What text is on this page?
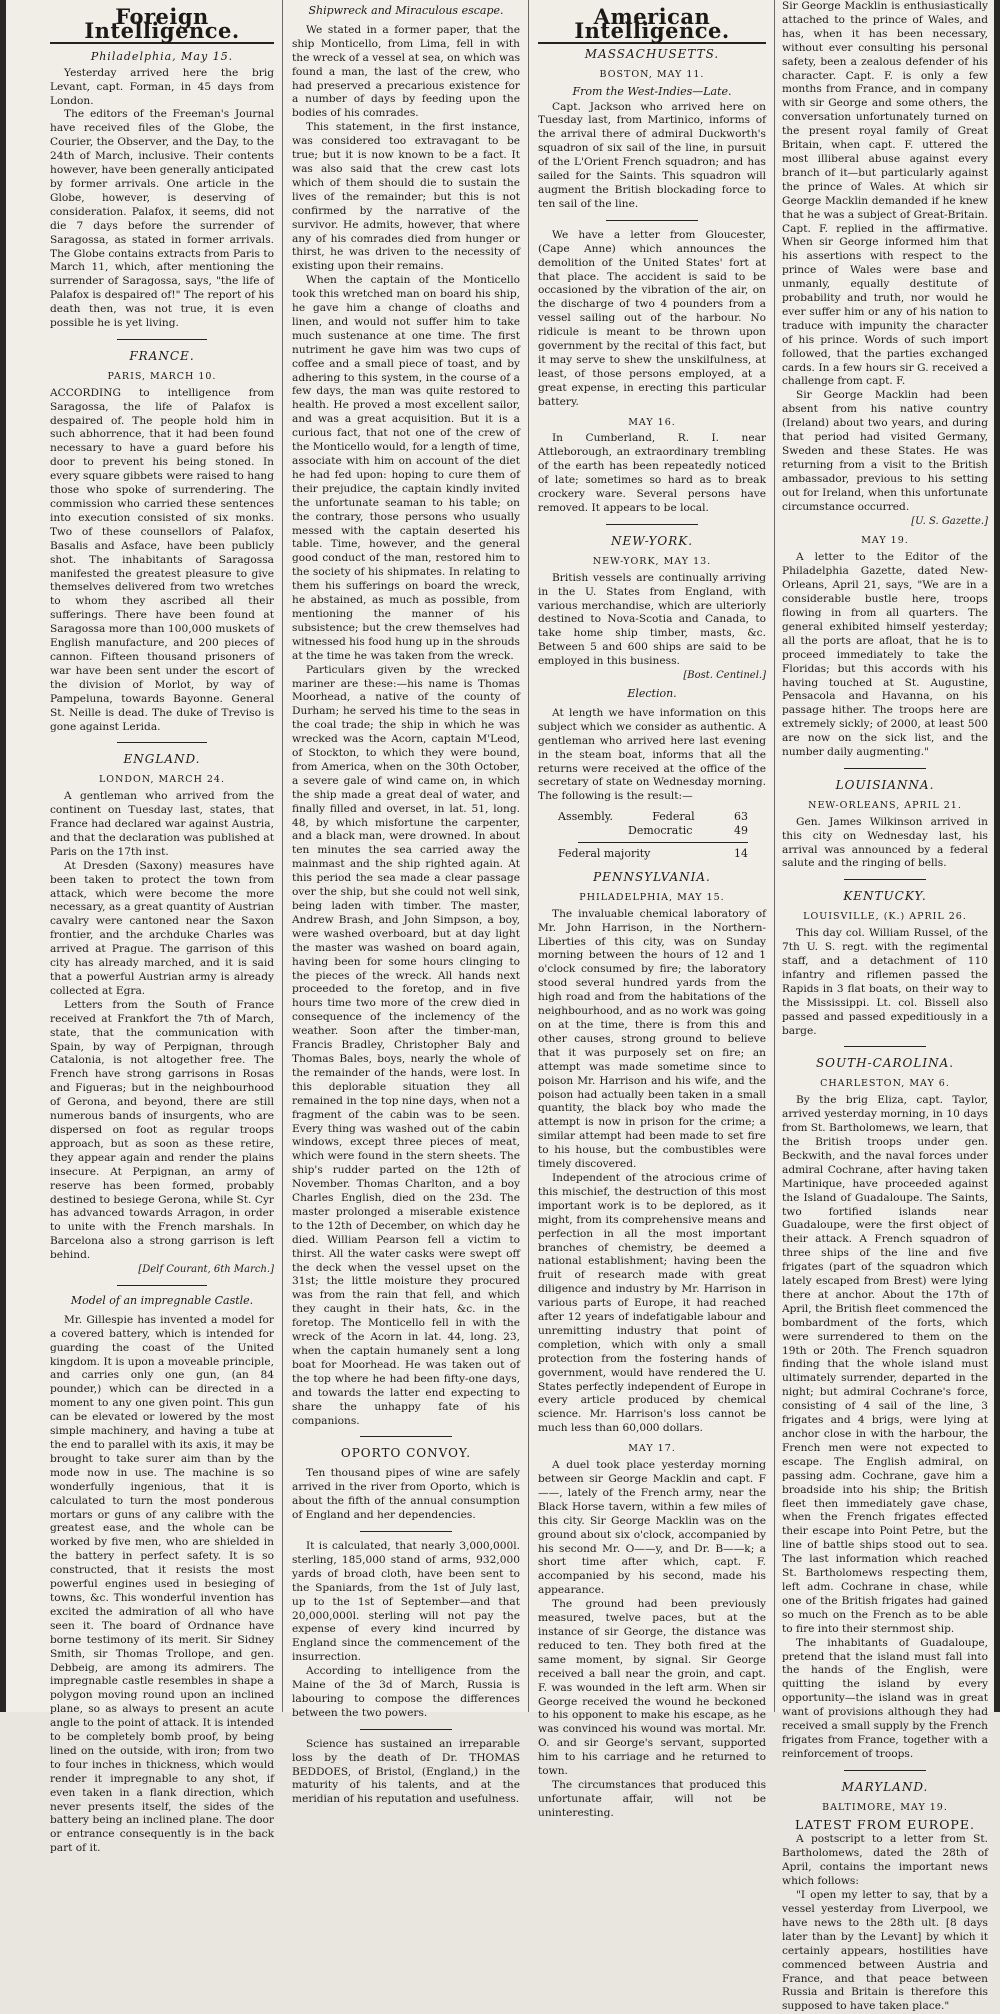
Foreign Intelligence.
Philadelphia, May 15.

Yesterday arrived here the brig Levant, capt. Forman, in 45 days from London.

The editors of the Freeman's Journal have received files of the Globe, the Courier, the Observer, and the Day, to the 24th of March, inclusive. Their contents however, have been generally anticipated by former arrivals. One article in the Globe, however, is deserving of consideration. Palafox, it seems, did not die 7 days before the surrender of Saragossa, as stated in former arrivals. The Globe contains extracts from Paris to March 11, which, after mentioning the surrender of Saragossa, says, "the life of Palafox is despaired of!" The report of his death then, was not true, it is even possible he is yet living.

FRANCE.
PARIS, MARCH 10.

ACCORDING to intelligence from Saragossa, the life of Palafox is despaired of. The people hold him in such abhorrence, that it had been found necessary to have a guard before his door to prevent his being stoned. In every square gibbets were raised to hang those who spoke of surrendering. The commission who carried these sentences into execution consisted of six monks. Two of these counsellors of Palafox, Basalis and Asface, have been publicly shot. The inhabitants of Saragossa manifested the greatest pleasure to give themselves delivered from two wretches to whom they ascribed all their sufferings. There have been found at Saragossa more than 100,000 muskets of English manufacture, and 200 pieces of cannon. Fifteen thousand prisoners of war have been sent under the escort of the division of Morlot, by way of Pampeluna, towards Bayonne. General St. Neille is dead. The duke of Treviso is gone against Lerida.

ENGLAND.
LONDON, MARCH 24.

A gentleman who arrived from the continent on Tuesday last, states, that France had declared war against Austria, and that the declaration was published at Paris on the 17th inst.

At Dresden (Saxony) measures have been taken to protect the town from attack, which were become the more necessary, as a great quantity of Austrian cavalry were cantoned near the Saxon frontier, and the archduke Charles was arrived at Prague. The garrison of this city has already marched, and it is said that a powerful Austrian army is already collected at Egra.

Letters from the South of France received at Frankfort the 7th of March, state, that the communication with Spain, by way of Perpignan, through Catalonia, is not altogether free. The French have strong garrisons in Rosas and Figueras; but in the neighbourhood of Gerona, and beyond, there are still numerous bands of insurgents, who are dispersed on foot as regular troops approach, but as soon as these retire, they appear again and render the plains insecure. At Perpignan, an army of reserve has been formed, probably destined to besiege Gerona, while St. Cyr has advanced towards Arragon, in order to unite with the French marshals. In Barcelona also a strong garrison is left behind.

[Delf Courant, 6th March.]
Model of an impregnable Castle.

Mr. Gillespie has invented a model for a covered battery, which is intended for guarding the coast of the United kingdom. It is upon a moveable principle, and carries only one gun, (an 84 pounder,) which can be directed in a moment to any one given point. This gun can be elevated or lowered by the most simple machinery, and having a tube at the end to parallel with its axis, it may be brought to take surer aim than by the mode now in use. The machine is so wonderfully ingenious, that it is calculated to turn the most ponderous mortars or guns of any calibre with the greatest ease, and the whole can be worked by five men, who are shielded in the battery in perfect safety. It is so constructed, that it resists the most powerful engines used in besieging of towns, &c. This wonderful invention has excited the admiration of all who have seen it. The board of Ordnance have borne testimony of its merit. Sir Sidney Smith, sir Thomas Trollope, and gen. Debbeig, are among its admirers. The impregnable castle resembles in shape a polygon moving round upon an inclined plane, so as always to present an acute angle to the point of attack. It is intended to be completely bomb proof, by being lined on the outside, with iron; from two to four inches in thickness, which would render it impregnable to any shot, if even taken in a flank direction, which never presents itself, the sides of the battery being an inclined plane. The door or entrance consequently is in the back part of it.

Shipwreck and Miraculous escape.

We stated in a former paper, that the ship Monticello, from Lima, fell in with the wreck of a vessel at sea, on which was found a man, the last of the crew, who had preserved a precarious existence for a number of days by feeding upon the bodies of his comrades.

This statement, in the first instance, was considered too extravagant to be true; but it is now known to be a fact. It was also said that the crew cast lots which of them should die to sustain the lives of the remainder; but this is not confirmed by the narrative of the survivor. He admits, however, that where any of his comrades died from hunger or thirst, he was driven to the necessity of existing upon their remains.

When the captain of the Monticello took this wretched man on board his ship, he gave him a change of cloaths and linen, and would not suffer him to take much sustenance at one time. The first nutriment he gave him was two cups of coffee and a small piece of toast, and by adhering to this system, in the course of a few days, the man was quite restored to health. He proved a most excellent sailor, and was a great acquisition. But it is a curious fact, that not one of the crew of the Monticello would, for a length of time, associate with him on account of the diet he had fed upon: hoping to cure them of their prejudice, the captain kindly invited the unfortunate seaman to his table; on the contrary, those persons who usually messed with the captain deserted his table. Time, however, and the general good conduct of the man, restored him to the society of his shipmates. In relating to them his sufferings on board the wreck, he abstained, as much as possible, from mentioning the manner of his subsistence; but the crew themselves had witnessed his food hung up in the shrouds at the time he was taken from the wreck.

Particulars given by the wrecked mariner are these:—his name is Thomas Moorhead, a native of the county of Durham; he served his time to the seas in the coal trade; the ship in which he was wrecked was the Acorn, captain M'Leod, of Stockton, to which they were bound, from America, when on the 30th October, a severe gale of wind came on, in which the ship made a great deal of water, and finally filled and overset, in lat. 51, long. 48, by which misfortune the carpenter, and a black man, were drowned. In about ten minutes the sea carried away the mainmast and the ship righted again. At this period the sea made a clear passage over the ship, but she could not well sink, being laden with timber. The master, Andrew Brash, and John Simpson, a boy, were washed overboard, but at day light the master was washed on board again, having been for some hours clinging to the pieces of the wreck. All hands next proceeded to the foretop, and in five hours time two more of the crew died in consequence of the inclemency of the weather. Soon after the timber-man, Francis Bradley, Christopher Baly and Thomas Bales, boys, nearly the whole of the remainder of the hands, were lost. In this deplorable situation they all remained in the top nine days, when not a fragment of the cabin was to be seen. Every thing was washed out of the cabin windows, except three pieces of meat, which were found in the stern sheets. The ship's rudder parted on the 12th of November. Thomas Charlton, and a boy Charles English, died on the 23d. The master prolonged a miserable existence to the 12th of December, on which day he died. William Pearson fell a victim to thirst. All the water casks were swept off the deck when the vessel upset on the 31st; the little moisture they procured was from the rain that fell, and which they caught in their hats, &c. in the foretop. The Monticello fell in with the wreck of the Acorn in lat. 44, long. 23, when the captain humanely sent a long boat for Moorhead. He was taken out of the top where he had been fifty-one days, and towards the latter end expecting to share the unhappy fate of his companions.

OPORTO CONVOY.

Ten thousand pipes of wine are safely arrived in the river from Oporto, which is about the fifth of the annual consumption of England and her dependencies.

It is calculated, that nearly 3,000,000l. sterling, 185,000 stand of arms, 932,000 yards of broad cloth, have been sent to the Spaniards, from the 1st of July last, up to the 1st of September—and that 20,000,000l. sterling will not pay the expense of every kind incurred by England since the commencement of the insurrection.

According to intelligence from the Maine of the 3d of March, Russia is labouring to compose the differences between the two powers.

Science has sustained an irreparable loss by the death of Dr. THOMAS BEDDOES, of Bristol, (England,) in the maturity of his talents, and at the meridian of his reputation and usefulness.

American Intelligence.
MASSACHUSETTS.
BOSTON, MAY 11.
From the West-Indies—Late.

Capt. Jackson who arrived here on Tuesday last, from Martinico, informs of the arrival there of admiral Duckworth's squadron of six sail of the line, in pursuit of the L'Orient French squadron; and has sailed for the Saints. This squadron will augment the British blockading force to ten sail of the line.

We have a letter from Gloucester, (Cape Anne) which announces the demolition of the United States' fort at that place. The accident is said to be occasioned by the vibration of the air, on the discharge of two 4 pounders from a vessel sailing out of the harbour. No ridicule is meant to be thrown upon government by the recital of this fact, but it may serve to shew the unskilfulness, at least, of those persons employed, at a great expense, in erecting this particular battery.

MAY 16.

In Cumberland, R. I. near Attleborough, an extraordinary trembling of the earth has been repeatedly noticed of late; sometimes so hard as to break crockery ware. Several persons have removed. It appears to be local.

NEW-YORK.
NEW-YORK, MAY 13.

British vessels are continually arriving in the U. States from England, with various merchandise, which are ulteriorly destined to Nova-Scotia and Canada, to take home ship timber, masts, &c. Between 5 and 600 ships are said to be employed in this business.

[Bost. Centinel.]
Election.

At length we have information on this subject which we consider as authentic. A gentleman who arrived here last evening in the steam boat, informs that all the returns were received at the office of the secretary of state on Wednesday morning. The following is the result:—

Assembly.	Federal	63
Democratic	49
Federal majority	14
PENNSYLVANIA.
PHILADELPHIA, MAY 15.

The invaluable chemical laboratory of Mr. John Harrison, in the Northern-Liberties of this city, was on Sunday morning between the hours of 12 and 1 o'clock consumed by fire; the laboratory stood several hundred yards from the high road and from the habitations of the neighbourhood, and as no work was going on at the time, there is from this and other causes, strong ground to believe that it was purposely set on fire; an attempt was made sometime since to poison Mr. Harrison and his wife, and the poison had actually been taken in a small quantity, the black boy who made the attempt is now in prison for the crime; a similar attempt had been made to set fire to his house, but the combustibles were timely discovered.

Independent of the atrocious crime of this mischief, the destruction of this most important work is to be deplored, as it might, from its comprehensive means and perfection in all the most important branches of chemistry, be deemed a national establishment; having been the fruit of research made with great diligence and industry by Mr. Harrison in various parts of Europe, it had reached after 12 years of indefatigable labour and unremitting industry that point of completion, which with only a small protection from the fostering hands of government, would have rendered the U. States perfectly independent of Europe in every article produced by chemical science. Mr. Harrison's loss cannot be much less than 60,000 dollars.

MAY 17.

A duel took place yesterday morning between sir George Macklin and capt. F——, lately of the French army, near the Black Horse tavern, within a few miles of this city. Sir George Macklin was on the ground about six o'clock, accompanied by his second Mr. O——y, and Dr. B——k; a short time after which, capt. F. accompanied by his second, made his appearance.

The ground had been previously measured, twelve paces, but at the instance of sir George, the distance was reduced to ten. They both fired at the same moment, by signal. Sir George received a ball near the groin, and capt. F. was wounded in the left arm. When sir George received the wound he beckoned to his opponent to make his escape, as he was convinced his wound was mortal. Mr. O. and sir George's servant, supported him to his carriage and he returned to town.

The circumstances that produced this unfortunate affair, will not be uninteresting.

Sir George Macklin is enthusiastically attached to the prince of Wales, and has, when it has been necessary, without ever consulting his personal safety, been a zealous defender of his character. Capt. F. is only a few months from France, and in company with sir George and some others, the conversation unfortunately turned on the present royal family of Great Britain, when capt. F. uttered the most illiberal abuse against every branch of it—but particularly against the prince of Wales. At which sir George Macklin demanded if he knew that he was a subject of Great-Britain. Capt. F. replied in the affirmative. When sir George informed him that his assertions with respect to the prince of Wales were base and unmanly, equally destitute of probability and truth, nor would he ever suffer him or any of his nation to traduce with impunity the character of his prince. Words of such import followed, that the parties exchanged cards. In a few hours sir G. received a challenge from capt. F.

Sir George Macklin had been absent from his native country (Ireland) about two years, and during that period had visited Germany, Sweden and these States. He was returning from a visit to the British ambassador, previous to his setting out for Ireland, when this unfortunate circumstance occurred.

[U. S. Gazette.]
MAY 19.

A letter to the Editor of the Philadelphia Gazette, dated New-Orleans, April 21, says, "We are in a considerable bustle here, troops flowing in from all quarters. The general exhibited himself yesterday; all the ports are afloat, that he is to proceed immediately to take the Floridas; but this accords with his having touched at St. Augustine, Pensacola and Havanna, on his passage hither. The troops here are extremely sickly; of 2000, at least 500 are now on the sick list, and the number daily augmenting."

LOUISIANNA.
NEW-ORLEANS, APRIL 21.

Gen. James Wilkinson arrived in this city on Wednesday last, his arrival was announced by a federal salute and the ringing of bells.

KENTUCKY.
LOUISVILLE, (K.) APRIL 26.

This day col. William Russel, of the 7th U. S. regt. with the regimental staff, and a detachment of 110 infantry and riflemen passed the Rapids in 3 flat boats, on their way to the Mississippi. Lt. col. Bissell also passed and passed expeditiously in a barge.

SOUTH-CAROLINA.
CHARLESTON, MAY 6.

By the brig Eliza, capt. Taylor, arrived yesterday morning, in 10 days from St. Bartholomews, we learn, that the British troops under gen. Beckwith, and the naval forces under admiral Cochrane, after having taken Martinique, have proceeded against the Island of Guadaloupe. The Saints, two fortified islands near Guadaloupe, were the first object of their attack. A French squadron of three ships of the line and five frigates (part of the squadron which lately escaped from Brest) were lying there at anchor. About the 17th of April, the British fleet commenced the bombardment of the forts, which were surrendered to them on the 19th or 20th. The French squadron finding that the whole island must ultimately surrender, departed in the night; but admiral Cochrane's force, consisting of 4 sail of the line, 3 frigates and 4 brigs, were lying at anchor close in with the harbour, the French men were not expected to escape. The English admiral, on passing adm. Cochrane, gave him a broadside into his ship; the British fleet then immediately gave chase, when the French frigates effected their escape into Point Petre, but the line of battle ships stood out to sea. The last information which reached St. Bartholomews respecting them, left adm. Cochrane in chase, while one of the British frigates had gained so much on the French as to be able to fire into their sternmost ship.

The inhabitants of Guadaloupe, pretend that the island must fall into the hands of the English, were quitting the island by every opportunity—the island was in great want of provisions although they had received a small supply by the French frigates from France, together with a reinforcement of troops.

MARYLAND.
BALTIMORE, MAY 19.
LATEST FROM EUROPE.

A postscript to a letter from St. Bartholomews, dated the 28th of April, contains the important news which follows:

"I open my letter to say, that by a vessel yesterday from Liverpool, we have news to the 28th ult. [8 days later than by the Levant] by which it certainly appears, hostilities have commenced between Austria and France, and that peace between Russia and Britain is therefore this supposed to have taken place."
